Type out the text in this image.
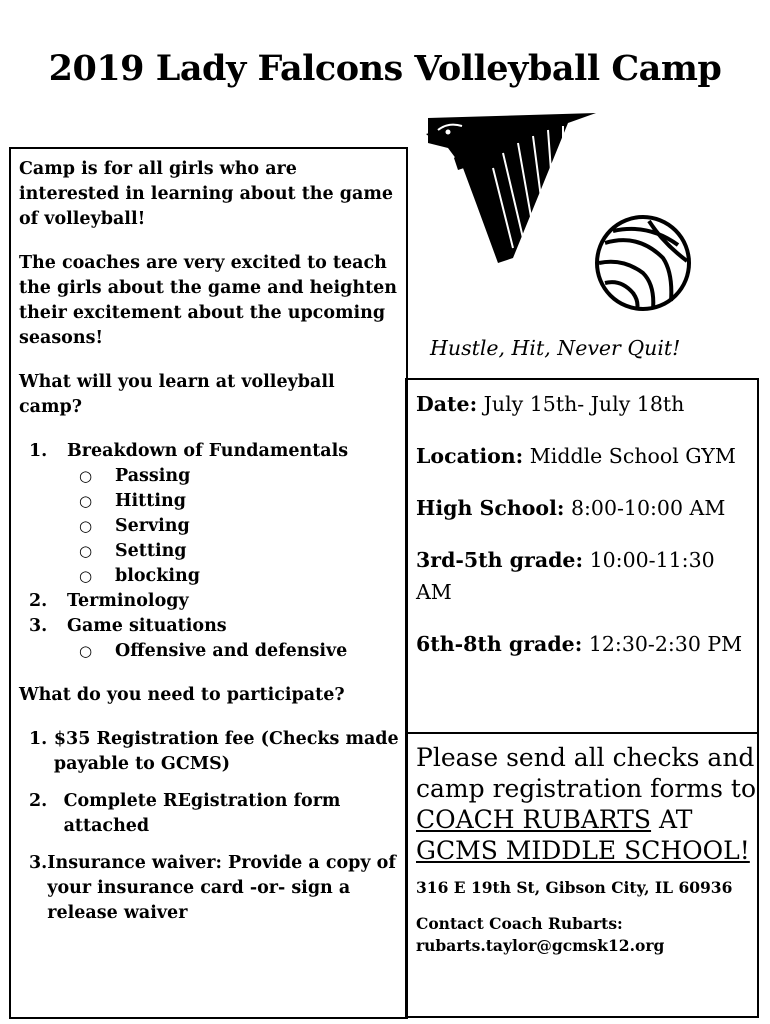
2019 Lady Falcons Volleyball Camp
Hustle, Hit, Never Quit!

Camp is for all girls who are interested in learning about the game of volleyball!

The coaches are very excited to teach the girls about the game and heighten their excitement about the upcoming seasons!

What will you learn at volleyball camp?

1.	Breakdown of Fundamentals
○	Passing
○	Hitting
○	Serving
○	Setting
○	blocking
2.	Terminology
3.	Game situations
○	Offensive and defensive

What do you need to participate?

1. $35 Registration fee (Checks made payable to GCMS)
2. Complete REgistration form attached
3. Insurance waiver: Provide a copy of your insurance card -or- sign a release waiver
Date: July 15th- July 18th
Location: Middle School GYM
High School: 8:00-10:00 AM
3rd-5th grade: 10:00-11:30 AM
6th-8th grade: 12:30-2:30 PM
Please send all checks and camp registration forms to COACH RUBARTS AT GCMS MIDDLE SCHOOL!
316 E 19th St, Gibson City, IL 60936
Contact Coach Rubarts:
rubarts.taylor@gcmsk12.org
